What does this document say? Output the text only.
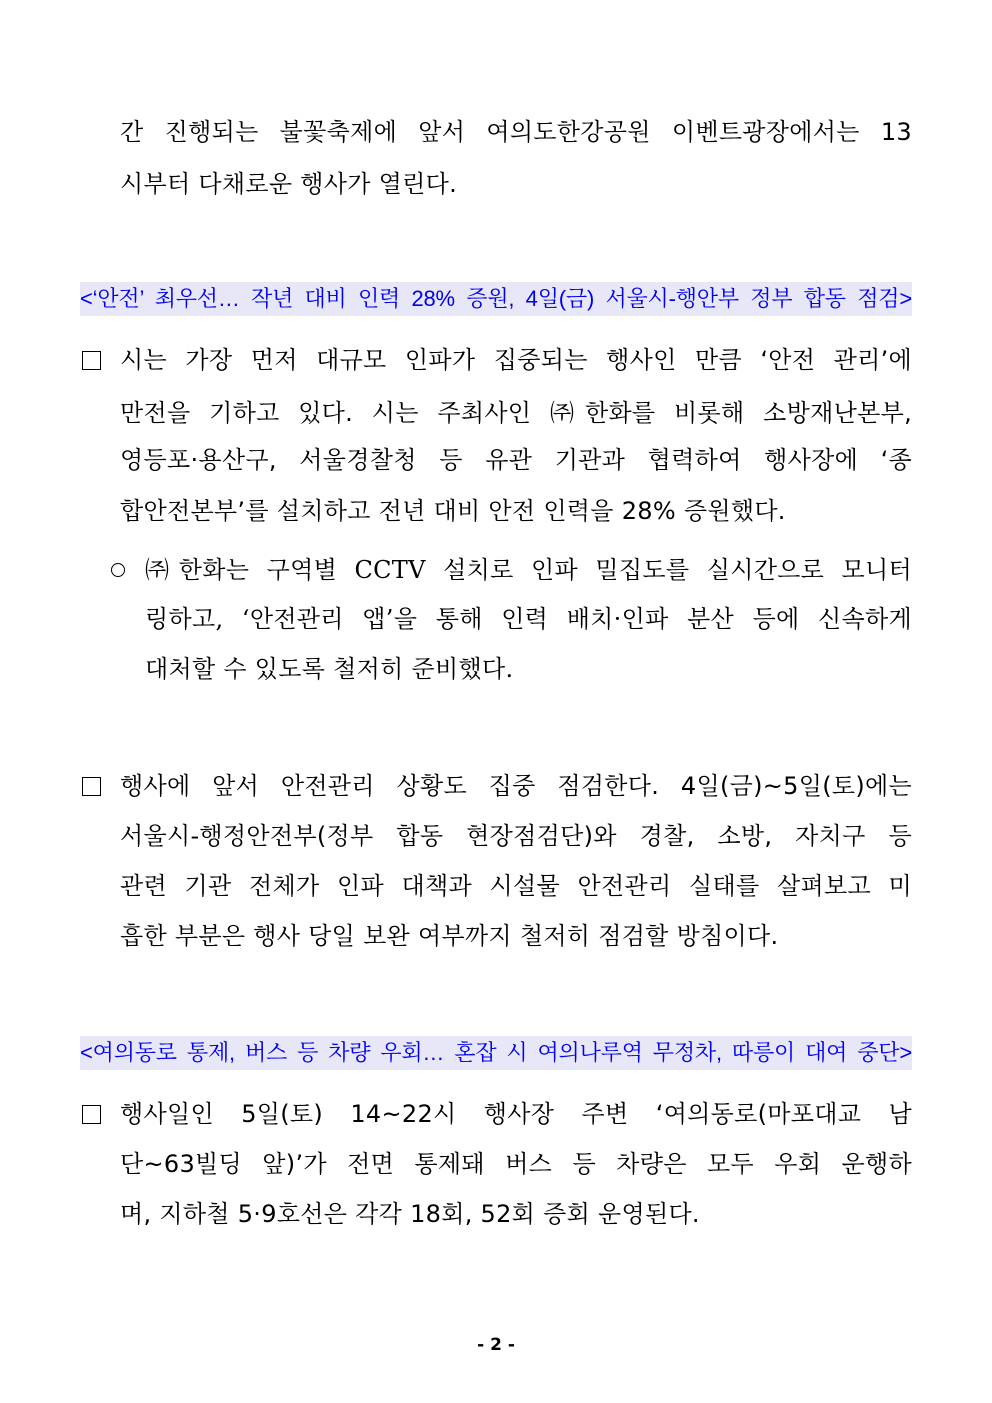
간 진행되는 불꽃축제에 앞서 여의도한강공원 이벤트광장에서는 13
시부터 다채로운 행사가 열린다.
<‘안전’ 최우선… 작년 대비 인력 28% 증원, 4일(금) 서울시-행안부 정부 합동 점검>
시는 가장 먼저 대규모 인파가 집중되는 행사인 만큼 ‘안전 관리’에
만전을 기하고 있다. 시는 주최사인 ㈜한화를 비롯해 소방재난본부,
영등포·용산구, 서울경찰청 등 유관 기관과 협력하여 행사장에 ‘종
합안전본부’를 설치하고 전년 대비 안전 인력을 28% 증원했다.
㈜한화는 구역별 CCTV 설치로 인파 밀집도를 실시간으로 모니터
링하고, ‘안전관리 앱’을 통해 인력 배치·인파 분산 등에 신속하게
대처할 수 있도록 철저히 준비했다.
행사에 앞서 안전관리 상황도 집중 점검한다. 4일(금)~5일(토)에는
서울시-행정안전부(정부 합동 현장점검단)와 경찰, 소방, 자치구 등
관련 기관 전체가 인파 대책과 시설물 안전관리 실태를 살펴보고 미
흡한 부분은 행사 당일 보완 여부까지 철저히 점검할 방침이다.
<여의동로 통제, 버스 등 차량 우회… 혼잡 시 여의나루역 무정차, 따릉이 대여 중단>
행사일인 5일(토) 14~22시 행사장 주변 ‘여의동로(마포대교 남
단~63빌딩 앞)’가 전면 통제돼 버스 등 차량은 모두 우회 운행하
며, 지하철 5·9호선은 각각 18회, 52회 증회 운영된다.
- 2 -
